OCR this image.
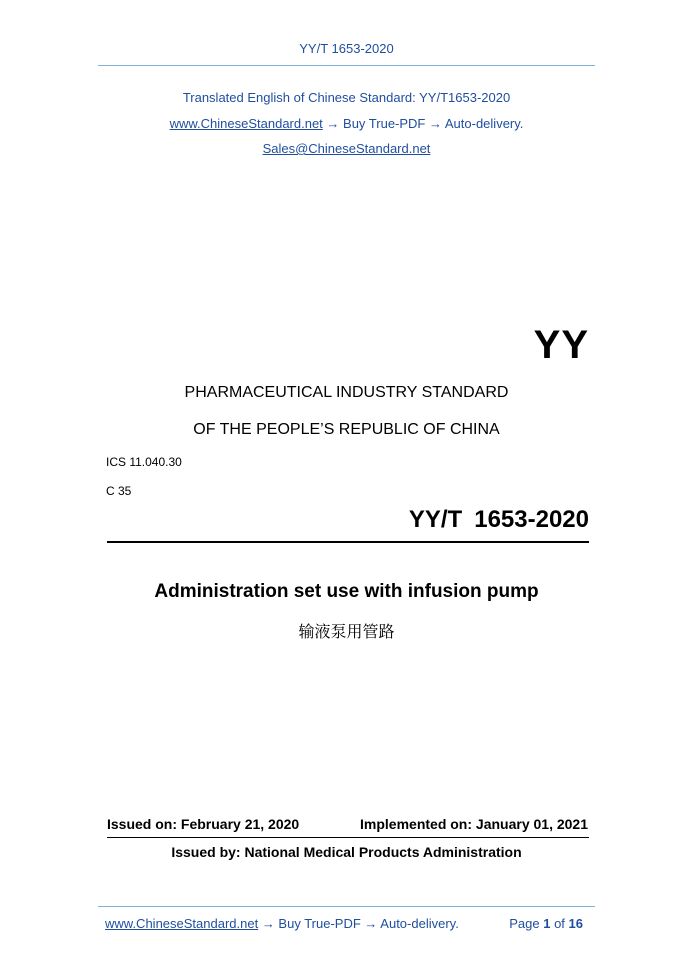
YY/T 1653-2020
Translated English of Chinese Standard: YY/T1653-2020
www.ChineseStandard.net → Buy True-PDF → Auto-delivery.
Sales@ChineseStandard.net
YY
PHARMACEUTICAL INDUSTRY STANDARD
OF THE PEOPLE’S REPUBLIC OF CHINA
ICS 11.040.30
C 35
YY/T 1653-2020
Administration set use with infusion pump
输液泵用管路
Issued on: February 21, 2020	Implemented on: January 01, 2021
Issued by: National Medical Products Administration
www.ChineseStandard.net → Buy True-PDF → Auto-delivery.	Page 1 of 16
